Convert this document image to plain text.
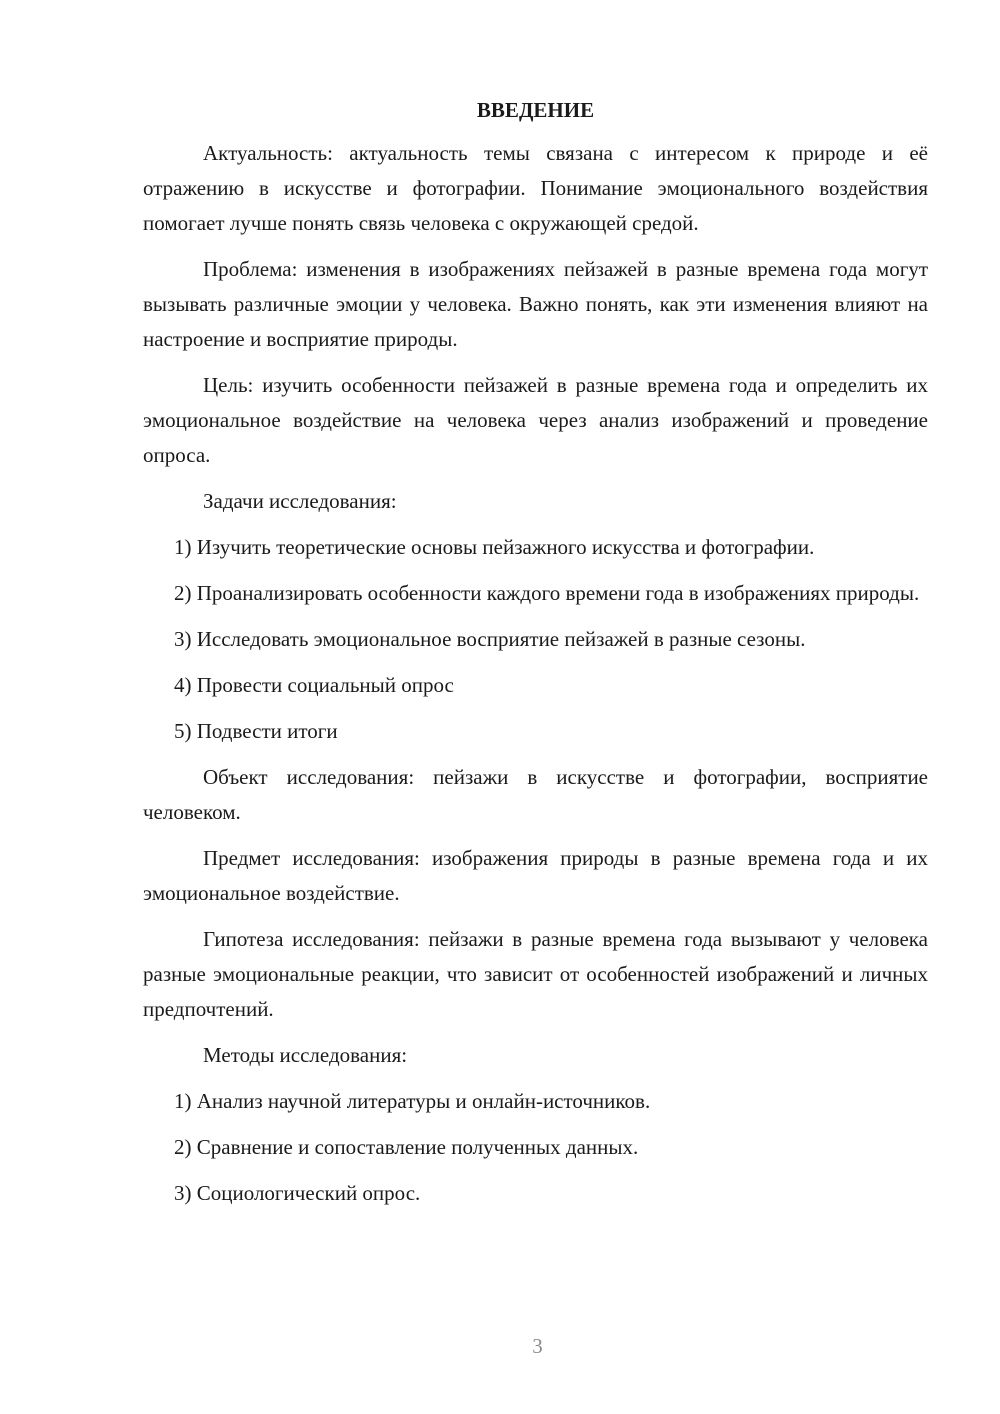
ВВЕДЕНИЕ

Актуальность: актуальность темы связана с интересом к природе и её отражению в искусстве и фотографии. Понимание эмоционального воздействия помогает лучше понять связь человека с окружающей средой.

Проблема: изменения в изображениях пейзажей в разные времена года могут вызывать различные эмоции у человека. Важно понять, как эти изменения влияют на настроение и восприятие природы.

Цель: изучить особенности пейзажей в разные времена года и определить их эмоциональное воздействие на человека через анализ изображений и проведение опроса.

Задачи исследования:

1) Изучить теоретические основы пейзажного искусства и фотографии.

2) Проанализировать особенности каждого времени года в изображениях природы.

3) Исследовать эмоциональное восприятие пейзажей в разные сезоны.

4) Провести социальный опрос

5) Подвести итоги

Объект исследования: пейзажи в искусстве и фотографии, восприятие человеком.

Предмет исследования: изображения природы в разные времена года и их эмоциональное воздействие.

Гипотеза исследования: пейзажи в разные времена года вызывают у человека разные эмоциональные реакции, что зависит от особенностей изображений и личных предпочтений.

Методы исследования:

1) Анализ научной литературы и онлайн-источников.

2) Сравнение и сопоставление полученных данных.

3) Социологический опрос.

3
